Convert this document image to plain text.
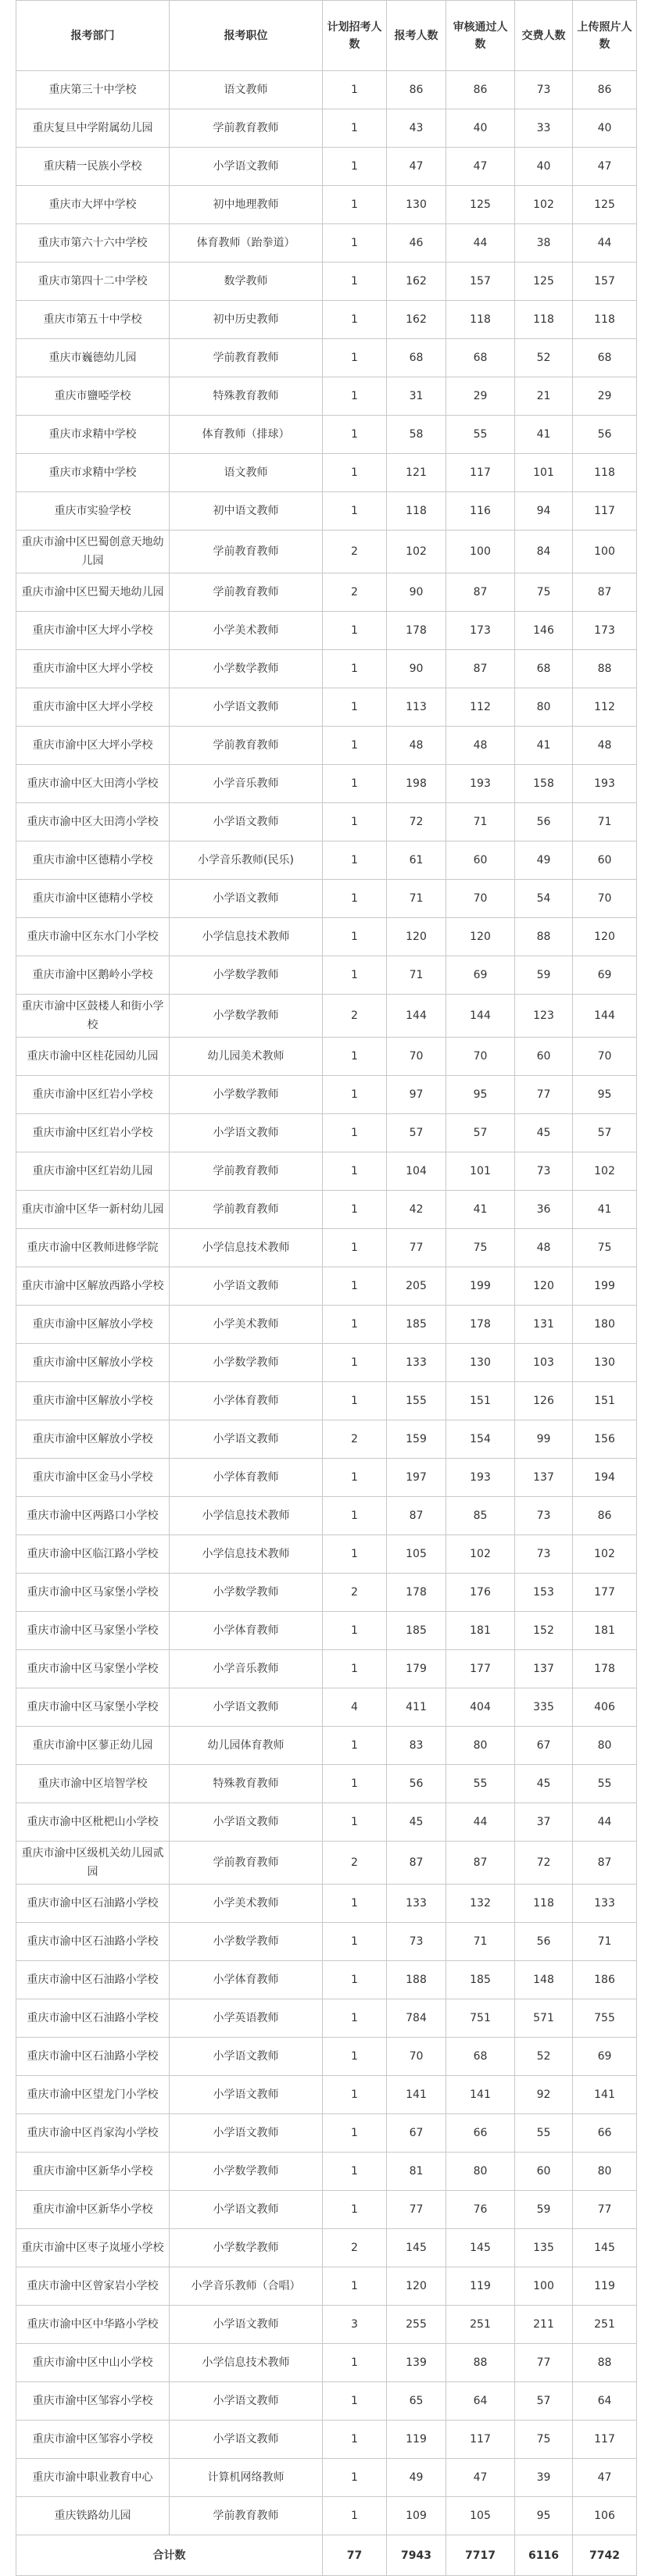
报考部门	报考职位	计划招考人数	报考人数	审核通过人数	交费人数	上传照片人数
重庆第三十中学校	语文教师	1	86	86	73	86
重庆复旦中学附属幼儿园	学前教育教师	1	43	40	33	40
重庆精一民族小学校	小学语文教师	1	47	47	40	47
重庆市大坪中学校	初中地理教师	1	130	125	102	125
重庆市第六十六中学校	体育教师（跆拳道）	1	46	44	38	44
重庆市第四十二中学校	数学教师	1	162	157	125	157
重庆市第五十中学校	初中历史教师	1	162	118	118	118
重庆市巍德幼儿园	学前教育教师	1	68	68	52	68
重庆市鹽啞学校	特殊教育教师	1	31	29	21	29
重庆市求精中学校	体育教师（排球）	1	58	55	41	56
重庆市求精中学校	语文教师	1	121	117	101	118
重庆市实验学校	初中语文教师	1	118	116	94	117
重庆市渝中区巴蜀创意天地幼儿园	学前教育教师	2	102	100	84	100
重庆市渝中区巴蜀天地幼儿园	学前教育教师	2	90	87	75	87
重庆市渝中区大坪小学校	小学美术教师	1	178	173	146	173
重庆市渝中区大坪小学校	小学数学教师	1	90	87	68	88
重庆市渝中区大坪小学校	小学语文教师	1	113	112	80	112
重庆市渝中区大坪小学校	学前教育教师	1	48	48	41	48
重庆市渝中区大田湾小学校	小学音乐教师	1	198	193	158	193
重庆市渝中区大田湾小学校	小学语文教师	1	72	71	56	71
重庆市渝中区德精小学校	小学音乐教师(民乐)	1	61	60	49	60
重庆市渝中区德精小学校	小学语文教师	1	71	70	54	70
重庆市渝中区东水门小学校	小学信息技术教师	1	120	120	88	120
重庆市渝中区鹅岭小学校	小学数学教师	1	71	69	59	69
重庆市渝中区鼓楼人和街小学校	小学数学教师	2	144	144	123	144
重庆市渝中区桂花园幼儿园	幼儿园美术教师	1	70	70	60	70
重庆市渝中区红岩小学校	小学数学教师	1	97	95	77	95
重庆市渝中区红岩小学校	小学语文教师	1	57	57	45	57
重庆市渝中区红岩幼儿园	学前教育教师	1	104	101	73	102
重庆市渝中区华一新村幼儿园	学前教育教师	1	42	41	36	41
重庆市渝中区教师进修学院	小学信息技术教师	1	77	75	48	75
重庆市渝中区解放西路小学校	小学语文教师	1	205	199	120	199
重庆市渝中区解放小学校	小学美术教师	1	185	178	131	180
重庆市渝中区解放小学校	小学数学教师	1	133	130	103	130
重庆市渝中区解放小学校	小学体育教师	1	155	151	126	151
重庆市渝中区解放小学校	小学语文教师	2	159	154	99	156
重庆市渝中区金马小学校	小学体育教师	1	197	193	137	194
重庆市渝中区两路口小学校	小学信息技术教师	1	87	85	73	86
重庆市渝中区临江路小学校	小学信息技术教师	1	105	102	73	102
重庆市渝中区马家堡小学校	小学数学教师	2	178	176	153	177
重庆市渝中区马家堡小学校	小学体育教师	1	185	181	152	181
重庆市渝中区马家堡小学校	小学音乐教师	1	179	177	137	178
重庆市渝中区马家堡小学校	小学语文教师	4	411	404	335	406
重庆市渝中区蓼正幼儿园	幼儿园体育教师	1	83	80	67	80
重庆市渝中区培智学校	特殊教育教师	1	56	55	45	55
重庆市渝中区枇杷山小学校	小学语文教师	1	45	44	37	44
重庆市渝中区级机关幼儿园贰园	学前教育教师	2	87	87	72	87
重庆市渝中区石油路小学校	小学美术教师	1	133	132	118	133
重庆市渝中区石油路小学校	小学数学教师	1	73	71	56	71
重庆市渝中区石油路小学校	小学体育教师	1	188	185	148	186
重庆市渝中区石油路小学校	小学英语教师	1	784	751	571	755
重庆市渝中区石油路小学校	小学语文教师	1	70	68	52	69
重庆市渝中区望龙门小学校	小学语文教师	1	141	141	92	141
重庆市渝中区肖家沟小学校	小学语文教师	1	67	66	55	66
重庆市渝中区新华小学校	小学数学教师	1	81	80	60	80
重庆市渝中区新华小学校	小学语文教师	1	77	76	59	77
重庆市渝中区枣子岚垭小学校	小学数学教师	2	145	145	135	145
重庆市渝中区曾家岩小学校	小学音乐教师（合唱）	1	120	119	100	119
重庆市渝中区中华路小学校	小学语文教师	3	255	251	211	251
重庆市渝中区中山小学校	小学信息技术教师	1	139	88	77	88
重庆市渝中区邹容小学校	小学语文教师	1	65	64	57	64
重庆市渝中区邹容小学校	小学语文教师	1	119	117	75	117
重庆市渝中职业教育中心	计算机网络教师	1	49	47	39	47
重庆铁路幼儿园	学前教育教师	1	109	105	95	106
合计数		77	7943	7717	6116	7742
